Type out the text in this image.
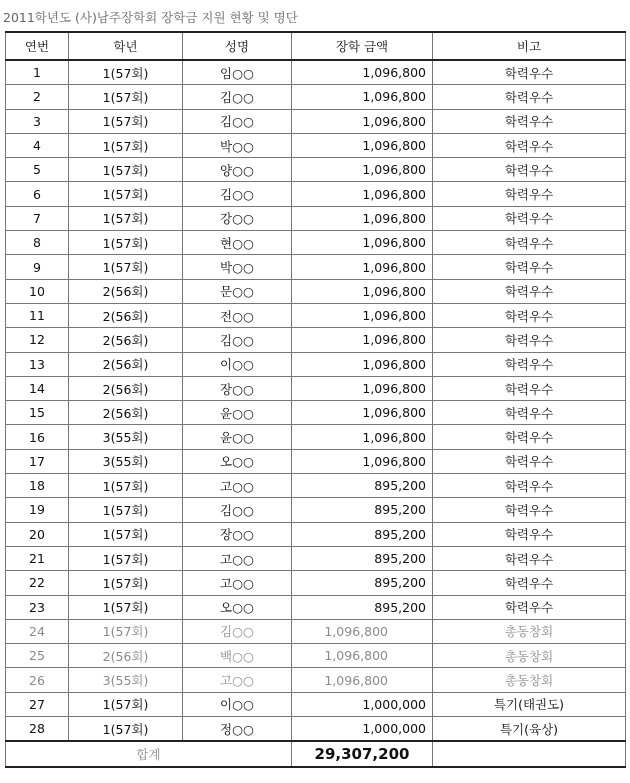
2011학년도 (사)남주장학회 장학금 지원 현황 및 명단
연번	학년	성명	장학 금액	비고
1	1(57회)	임○○	1,096,800	학력우수
2	1(57회)	김○○	1,096,800	학력우수
3	1(57회)	김○○	1,096,800	학력우수
4	1(57회)	박○○	1,096,800	학력우수
5	1(57회)	양○○	1,096,800	학력우수
6	1(57회)	김○○	1,096,800	학력우수
7	1(57회)	강○○	1,096,800	학력우수
8	1(57회)	현○○	1,096,800	학력우수
9	1(57회)	박○○	1,096,800	학력우수
10	2(56회)	문○○	1,096,800	학력우수
11	2(56회)	전○○	1,096,800	학력우수
12	2(56회)	김○○	1,096,800	학력우수
13	2(56회)	이○○	1,096,800	학력우수
14	2(56회)	장○○	1,096,800	학력우수
15	2(56회)	윤○○	1,096,800	학력우수
16	3(55회)	윤○○	1,096,800	학력우수
17	3(55회)	오○○	1,096,800	학력우수
18	1(57회)	고○○	895,200	학력우수
19	1(57회)	김○○	895,200	학력우수
20	1(57회)	장○○	895,200	학력우수
21	1(57회)	고○○	895,200	학력우수
22	1(57회)	고○○	895,200	학력우수
23	1(57회)	오○○	895,200	학력우수
24	1(57회)	김○○	1,096,800	총동창회
25	2(56회)	백○○	1,096,800	총동창회
26	3(55회)	고○○	1,096,800	총동창회
27	1(57회)	이○○	1,000,000	특기(태권도)
28	1(57회)	정○○	1,000,000	특기(육상)
합계			29,307,200	
